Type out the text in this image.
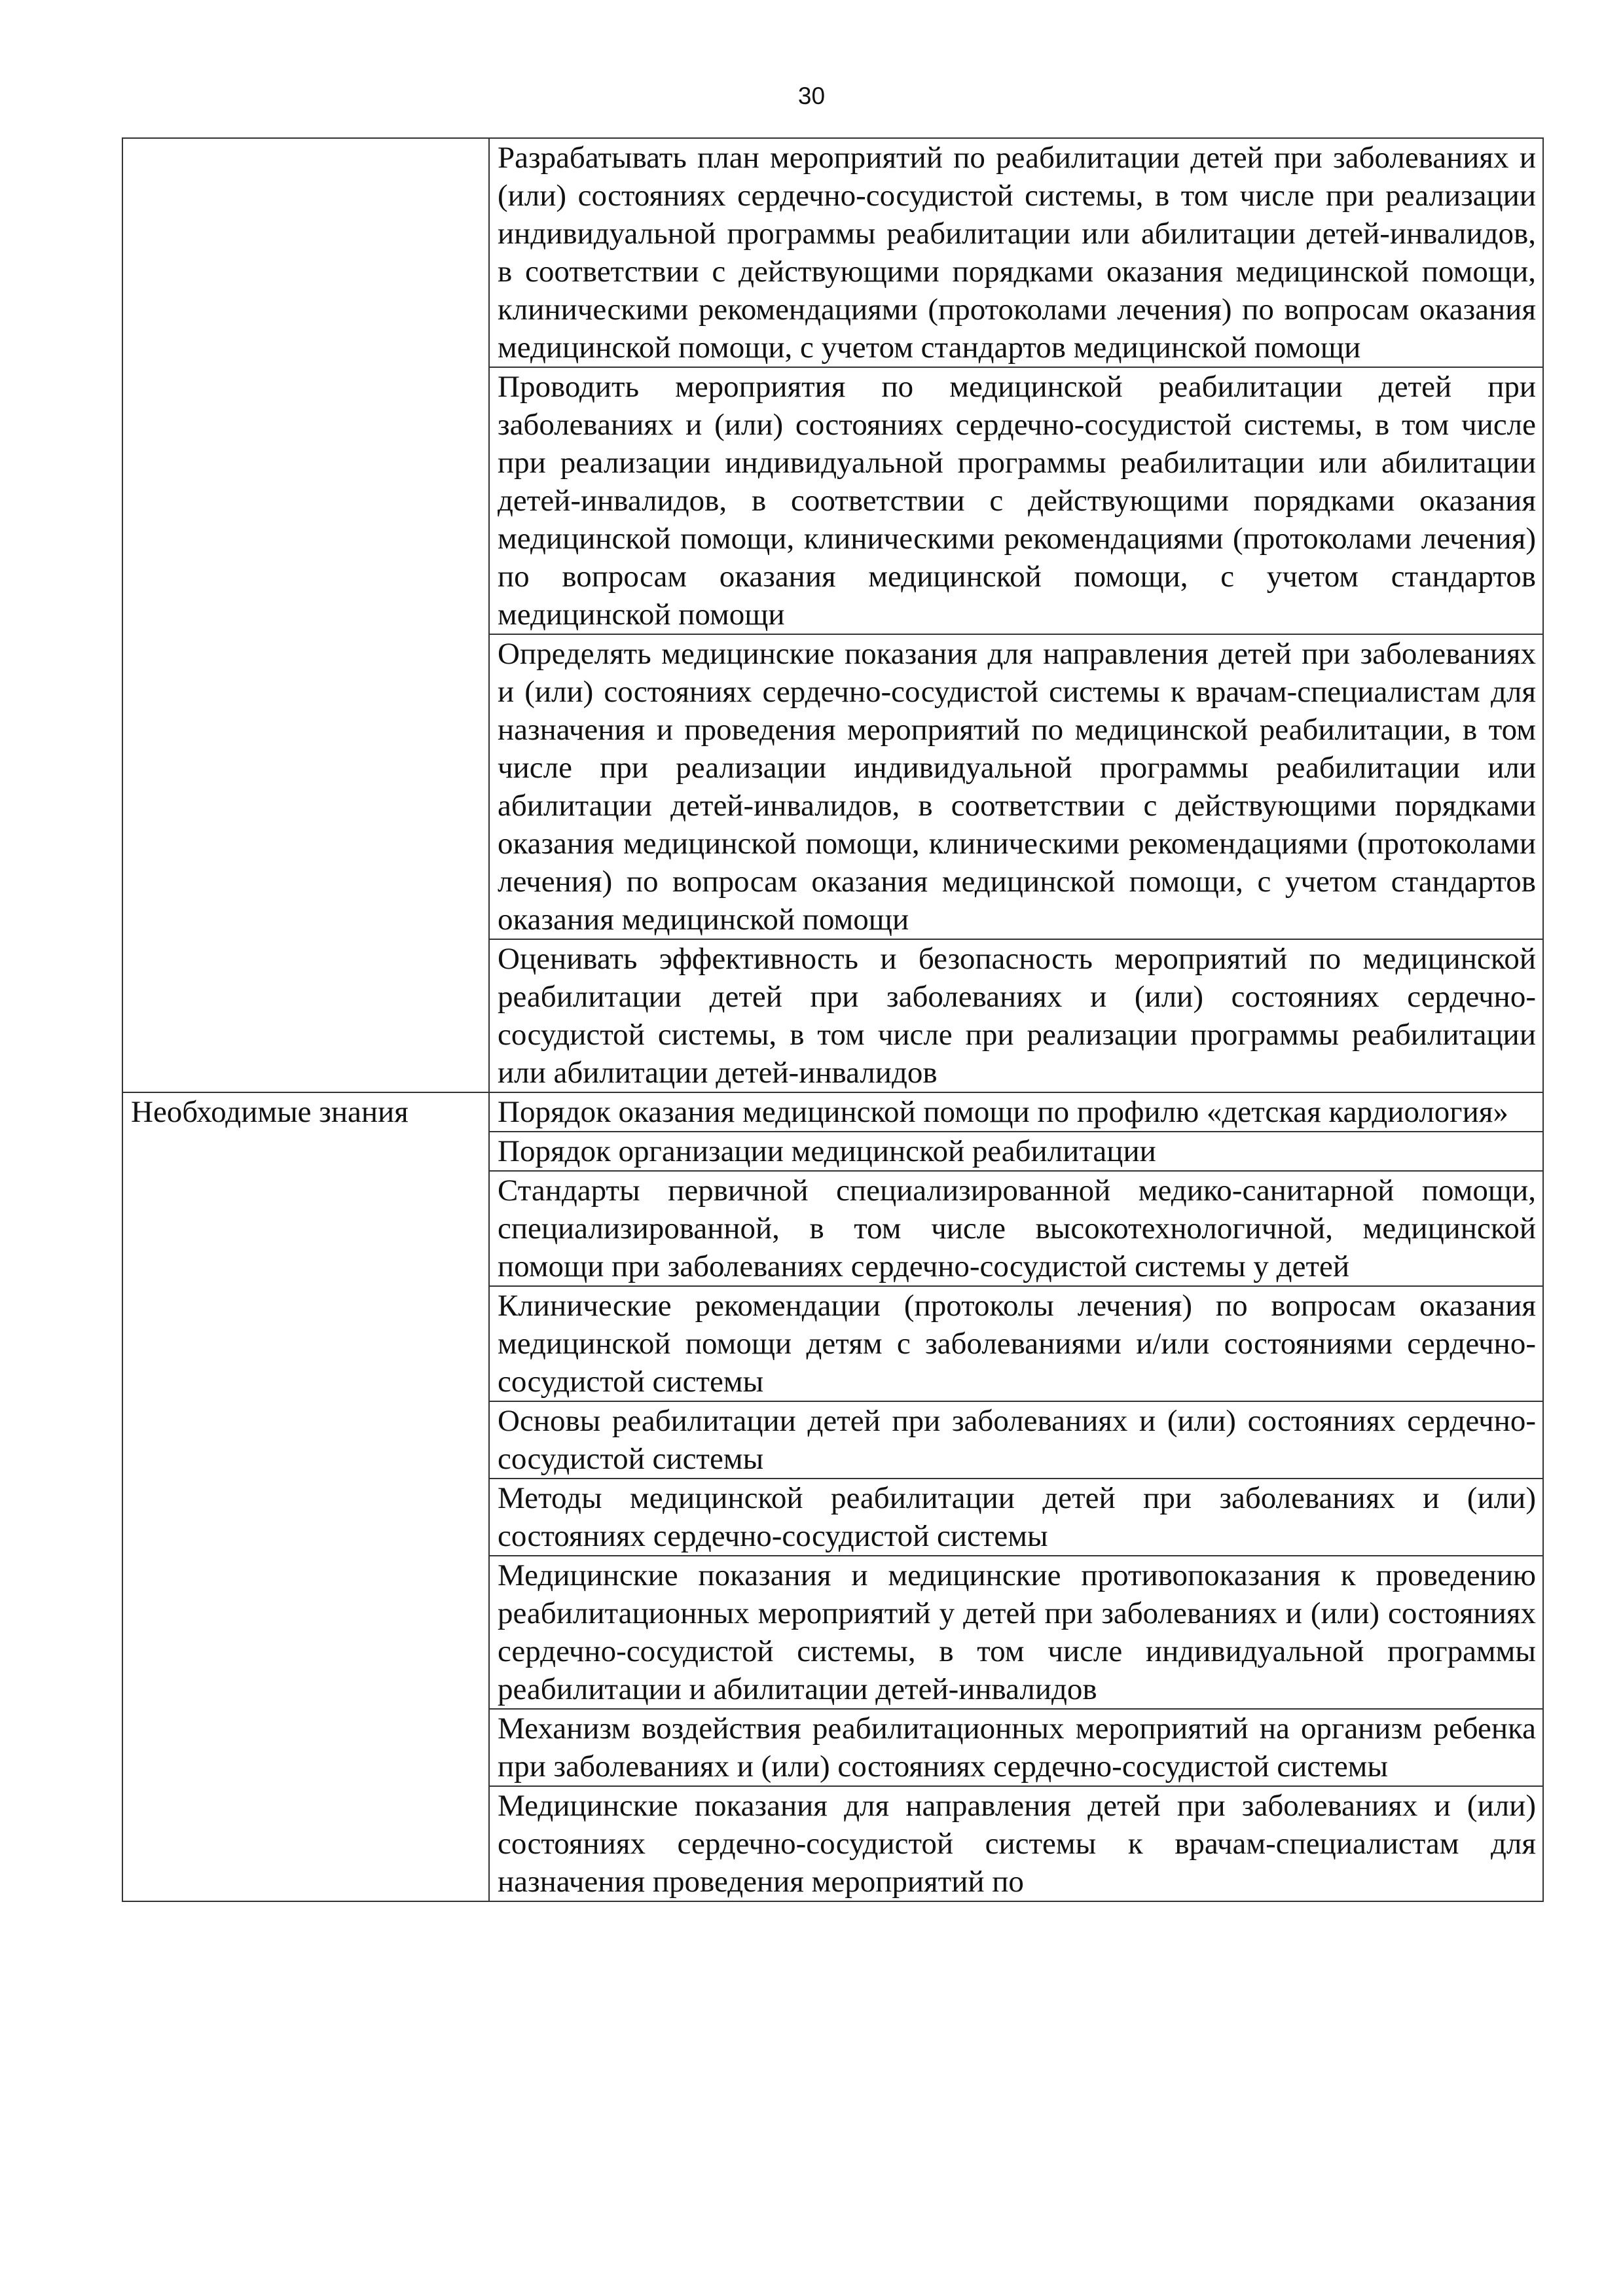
30
	Разрабатывать план мероприятий по реабилитации детей при заболеваниях и (или) состояниях сердечно-сосудистой системы, в том числе при реализации индивидуальной программы реабилитации или абилитации детей-инвалидов, в соответствии с действующими порядками оказания медицинской помощи, клиническими рекомендациями (протоколами лечения) по вопросам оказания медицинской помощи, с учетом стандартов медицинской помощи
	Проводить мероприятия по медицинской реабилитации детей при заболеваниях и (или) состояниях сердечно-сосудистой системы, в том числе при реализации индивидуальной программы реабилитации или абилитации детей-инвалидов, в соответствии с действующими порядками оказания медицинской помощи, клиническими рекомендациями (протоколами лечения) по вопросам оказания медицинской помощи, с учетом стандартов медицинской помощи
	Определять медицинские показания для направления детей при заболеваниях и (или) состояниях сердечно-сосудистой системы к врачам-специалистам для назначения и проведения мероприятий по медицинской реабилитации, в том числе при реализации индивидуальной программы реабилитации или абилитации детей-инвалидов, в соответствии с действующими порядками оказания медицинской помощи, клиническими рекомендациями (протоколами лечения) по вопросам оказания медицинской помощи, с учетом стандартов оказания медицинской помощи
	Оценивать эффективность и безопасность мероприятий по медицинской реабилитации детей при заболеваниях и (или) состояниях сердечно-сосудистой системы, в том числе при реализации программы реабилитации или абилитации детей-инвалидов
Необходимые знания	Порядок оказания медицинской помощи по профилю «детская кардиология»
	Порядок организации медицинской реабилитации
	Стандарты первичной специализированной медико-санитарной помощи, специализированной, в том числе высокотехнологичной, медицинской помощи при заболеваниях сердечно-сосудистой системы у детей
	Клинические рекомендации (протоколы лечения) по вопросам оказания медицинской помощи детям с заболеваниями и/или состояниями сердечно-сосудистой системы
	Основы реабилитации детей при заболеваниях и (или) состояниях сердечно-сосудистой системы
	Методы медицинской реабилитации детей при заболеваниях и (или) состояниях сердечно-сосудистой системы
	Медицинские показания и медицинские противопоказания к проведению реабилитационных мероприятий у детей при заболеваниях и (или) состояниях сердечно-сосудистой системы, в том числе индивидуальной программы реабилитации и абилитации детей-инвалидов
	Механизм воздействия реабилитационных мероприятий на организм ребенка при заболеваниях и (или) состояниях сердечно-сосудистой системы
	Медицинские показания для направления детей при заболеваниях и (или) состояниях сердечно-сосудистой системы к врачам-специалистам для назначения проведения мероприятий по
